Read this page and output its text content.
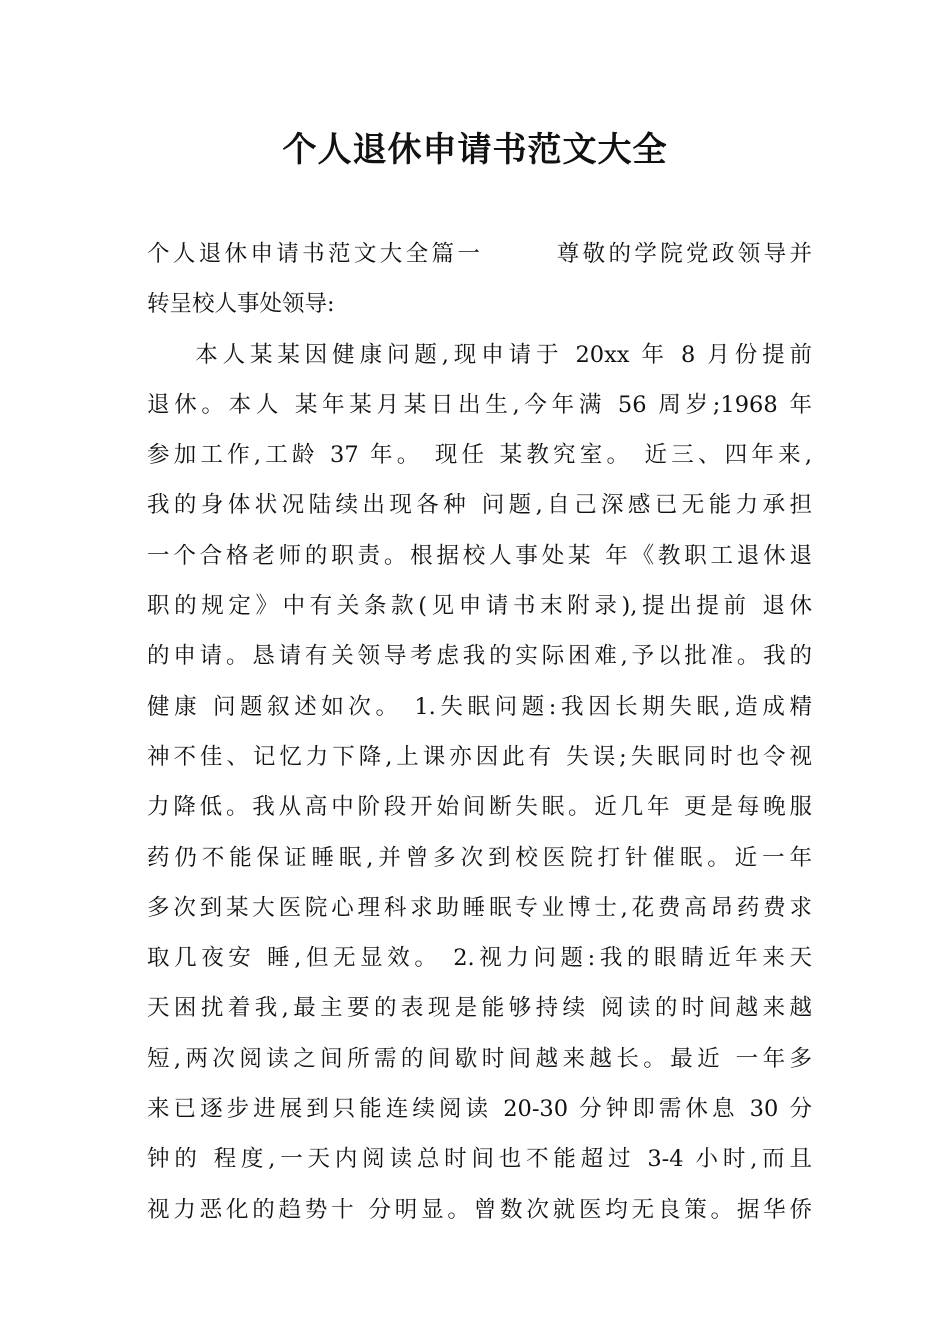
个人退休申请书范文大全
个人退休申请书范文大全篇一       尊敬的学院党政领导并
转呈校人事处领导:
本人某某因健康问题,现申请于 20xx 年 8 月份提前
退休。本人 某年某月某日出生,今年满 56 周岁;1968 年
参加工作,工龄 37 年。 现任 某教究室。 近三、四年来,
我的身体状况陆续出现各种 问题,自己深感已无能力承担
一个合格老师的职责。根据校人事处某 年《教职工退休退
职的规定》中有关条款(见申请书末附录),提出提前 退休
的申请。恳请有关领导考虑我的实际困难,予以批准。我的
健康 问题叙述如次。 1.失眠问题:我因长期失眠,造成精
神不佳、记忆力下降,上课亦因此有 失误;失眠同时也令视
力降低。我从高中阶段开始间断失眠。近几年 更是每晚服
药仍不能保证睡眠,并曾多次到校医院打针催眠。近一年
多次到某大医院心理科求助睡眠专业博士,花费高昂药费求
取几夜安 睡,但无显效。 2.视力问题:我的眼睛近年来天
天困扰着我,最主要的表现是能够持续 阅读的时间越来越
短,两次阅读之间所需的间歇时间越来越长。最近 一年多
来已逐步进展到只能连续阅读 20-30 分钟即需休息 30 分
钟的 程度,一天内阅读总时间也不能超过 3-4 小时,而且
视力恶化的趋势十 分明显。曾数次就医均无良策。据华侨
